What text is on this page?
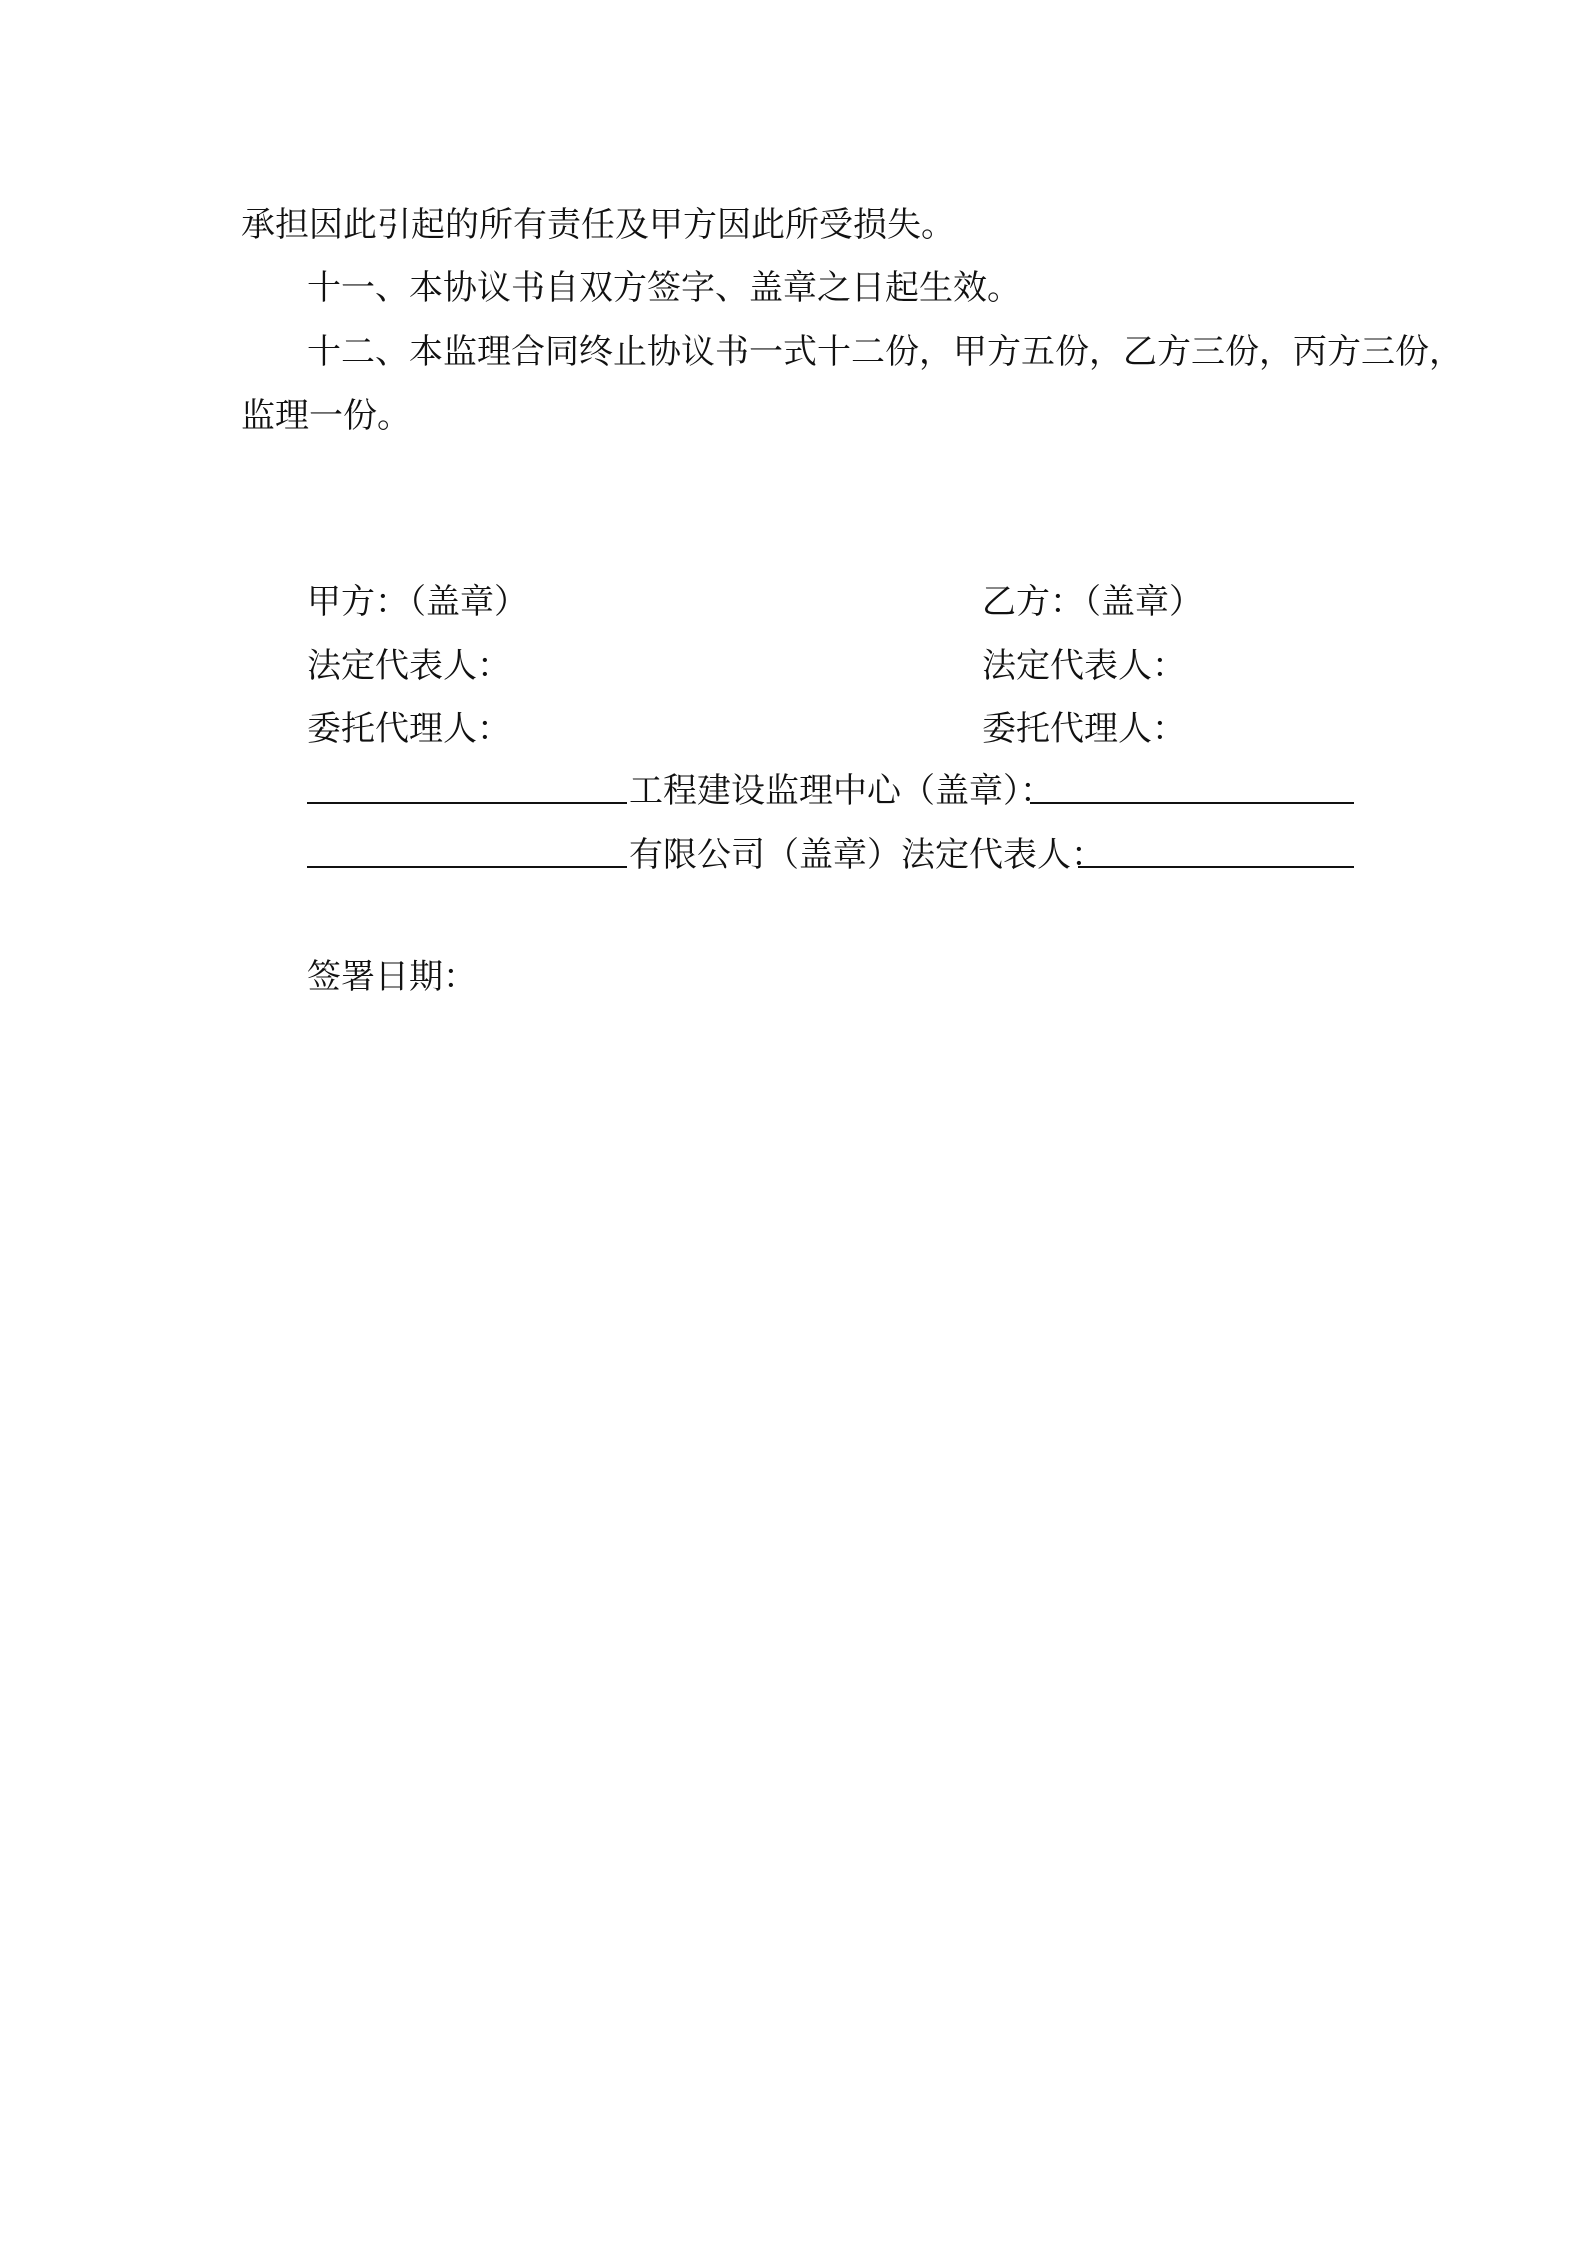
承担因此引起的所有责任及甲方因此所受损失。
十一、本协议书自双方签字、盖章之日起生效。
十二、本监理合同终止协议书一式十二份，甲方五份，乙方三份，丙方三份，
监理一份。
甲方：（盖章）
法定代表人：
委托代理人：
乙方：（盖章）
法定代表人：
委托代理人：
工程建设监理中心（盖章）：
有限公司（盖章）法定代表人：
签署日期：
